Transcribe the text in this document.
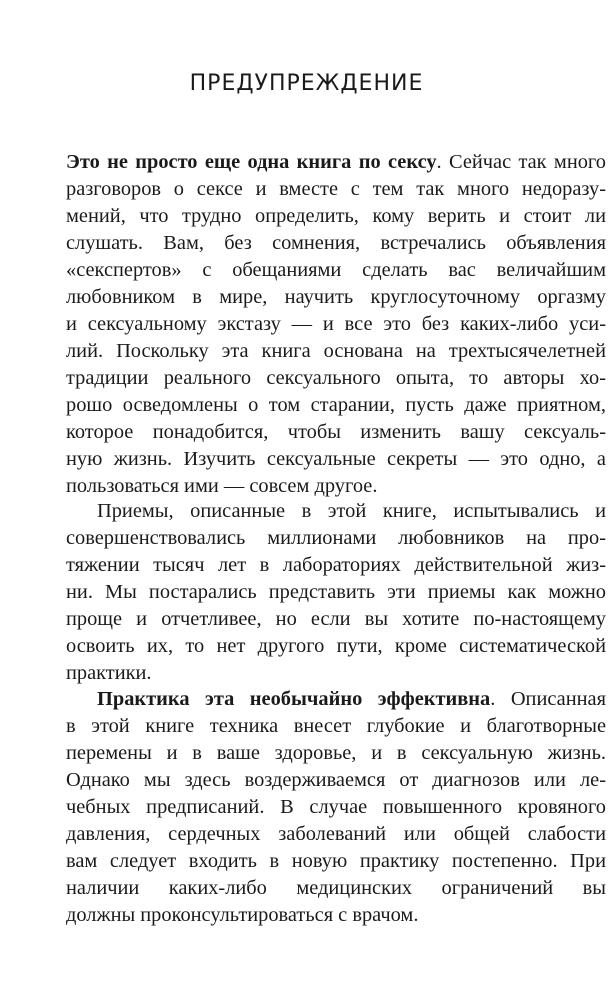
ПРЕДУПРЕЖДЕНИЕ
Это не просто еще одна книга по сексу. Сейчас так много
разговоров о сексе и вместе с тем так много недоразу-
мений, что трудно определить, кому верить и стоит ли
слушать. Вам, без сомнения, встречались объявления
«секспертов» с обещаниями сделать вас величайшим
любовником в мире, научить круглосуточному оргазму
и сексуальному экстазу — и все это без каких-либо уси-
лий. Поскольку эта книга основана на трехтысячелетней
традиции реального сексуального опыта, то авторы хо-
рошо осведомлены о том старании, пусть даже приятном,
которое понадобится, чтобы изменить вашу сексуаль-
ную жизнь. Изучить сексуальные секреты — это одно, а
пользоваться ими — совсем другое.
Приемы, описанные в этой книге, испытывались и
совершенствовались миллионами любовников на про-
тяжении тысяч лет в лабораториях действительной жиз-
ни. Мы постарались представить эти приемы как можно
проще и отчетливее, но если вы хотите по-настоящему
освоить их, то нет другого пути, кроме систематической
практики.
Практика эта необычайно эффективна. Описанная
в этой книге техника внесет глубокие и благотворные
перемены и в ваше здоровье, и в сексуальную жизнь.
Однако мы здесь воздерживаемся от диагнозов или ле-
чебных предписаний. В случае повышенного кровяного
давления, сердечных заболеваний или общей слабости
вам следует входить в новую практику постепенно. При
наличии каких-либо медицинских ограничений вы
должны проконсультироваться с врачом.
